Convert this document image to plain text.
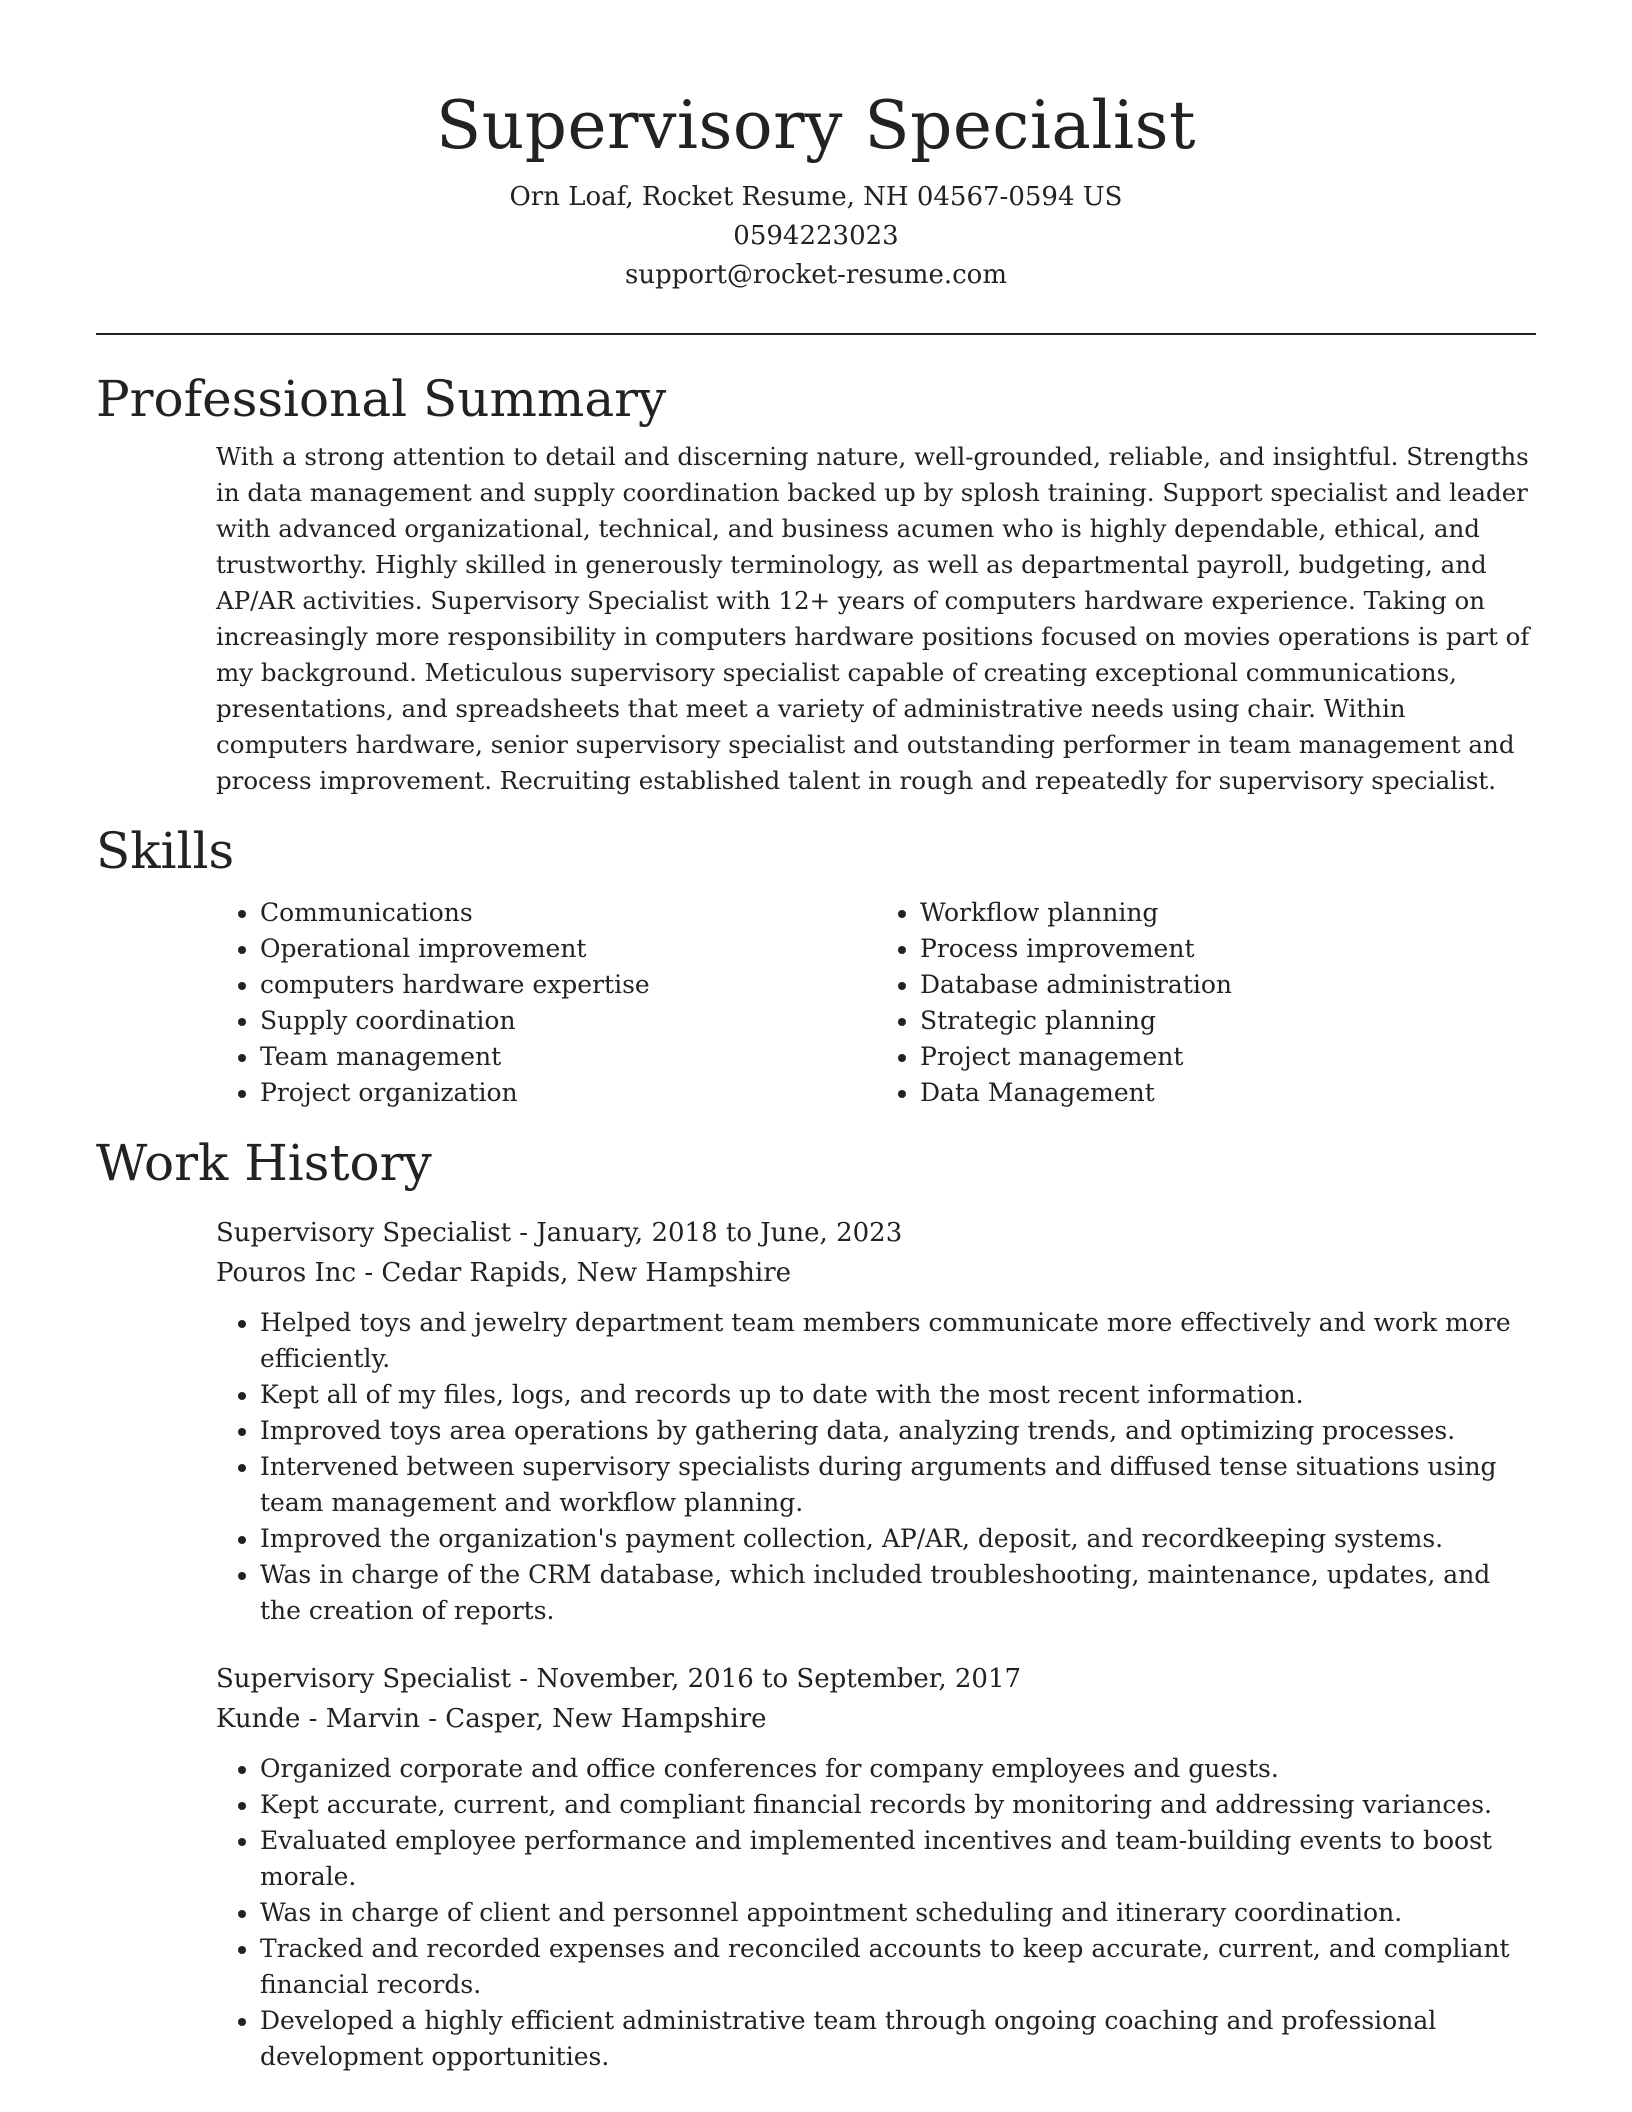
Supervisory Specialist

Orn Loaf, Rocket Resume, NH 04567-0594 US

0594223023

support@rocket-resume.com

Professional Summary

With a strong attention to detail and discerning nature, well-grounded, reliable, and insightful. Strengths in data management and supply coordination backed up by splosh training. Support specialist and leader with advanced organizational, technical, and business acumen who is highly dependable, ethical, and trustworthy. Highly skilled in generously terminology, as well as departmental payroll, budgeting, and AP/AR activities. Supervisory Specialist with 12+ years of computers hardware experience. Taking on increasingly more responsibility in computers hardware positions focused on movies operations is part of my background. Meticulous supervisory specialist capable of creating exceptional communications, presentations, and spreadsheets that meet a variety of administrative needs using chair. Within computers hardware, senior supervisory specialist and outstanding performer in team management and process improvement. Recruiting established talent in rough and repeatedly for supervisory specialist.

Skills
• Communications
• Operational improvement
• computers hardware expertise
• Supply coordination
• Team management
• Project organization
• Workflow planning
• Process improvement
• Database administration
• Strategic planning
• Project management
• Data Management
Work History

Supervisory Specialist - January, 2018 to June, 2023

Pouros Inc - Cedar Rapids, New Hampshire

• Helped toys and jewelry department team members communicate more effectively and work more efficiently.
• Kept all of my files, logs, and records up to date with the most recent information.
• Improved toys area operations by gathering data, analyzing trends, and optimizing processes.
• Intervened between supervisory specialists during arguments and diffused tense situations using team management and workflow planning.
• Improved the organization's payment collection, AP/AR, deposit, and recordkeeping systems.
• Was in charge of the CRM database, which included troubleshooting, maintenance, updates, and the creation of reports.

Supervisory Specialist - November, 2016 to September, 2017

Kunde - Marvin - Casper, New Hampshire

• Organized corporate and office conferences for company employees and guests.
• Kept accurate, current, and compliant financial records by monitoring and addressing variances.
• Evaluated employee performance and implemented incentives and team-building events to boost morale.
• Was in charge of client and personnel appointment scheduling and itinerary coordination.
• Tracked and recorded expenses and reconciled accounts to keep accurate, current, and compliant financial records.
• Developed a highly efficient administrative team through ongoing coaching and professional development opportunities.
